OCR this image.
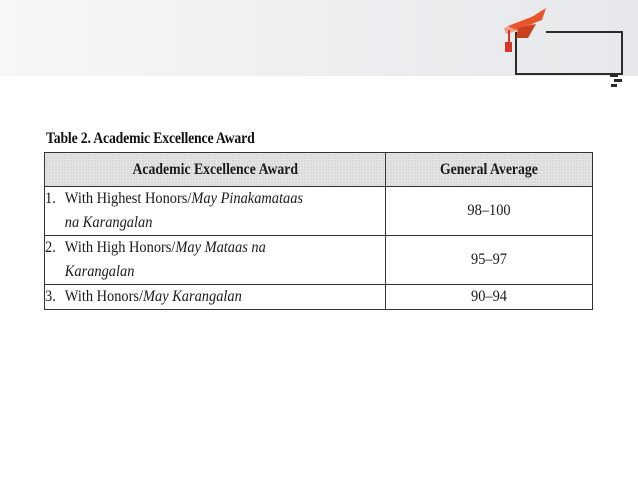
Table 2. Academic Excellence Award
Academic Excellence Award	General Average
1. With Highest Honors/May Pinakamataas
na Karangalan	98–100
2. With High Honors/May Mataas na
Karangalan	95–97
3. With Honors/May Karangalan	90–94
